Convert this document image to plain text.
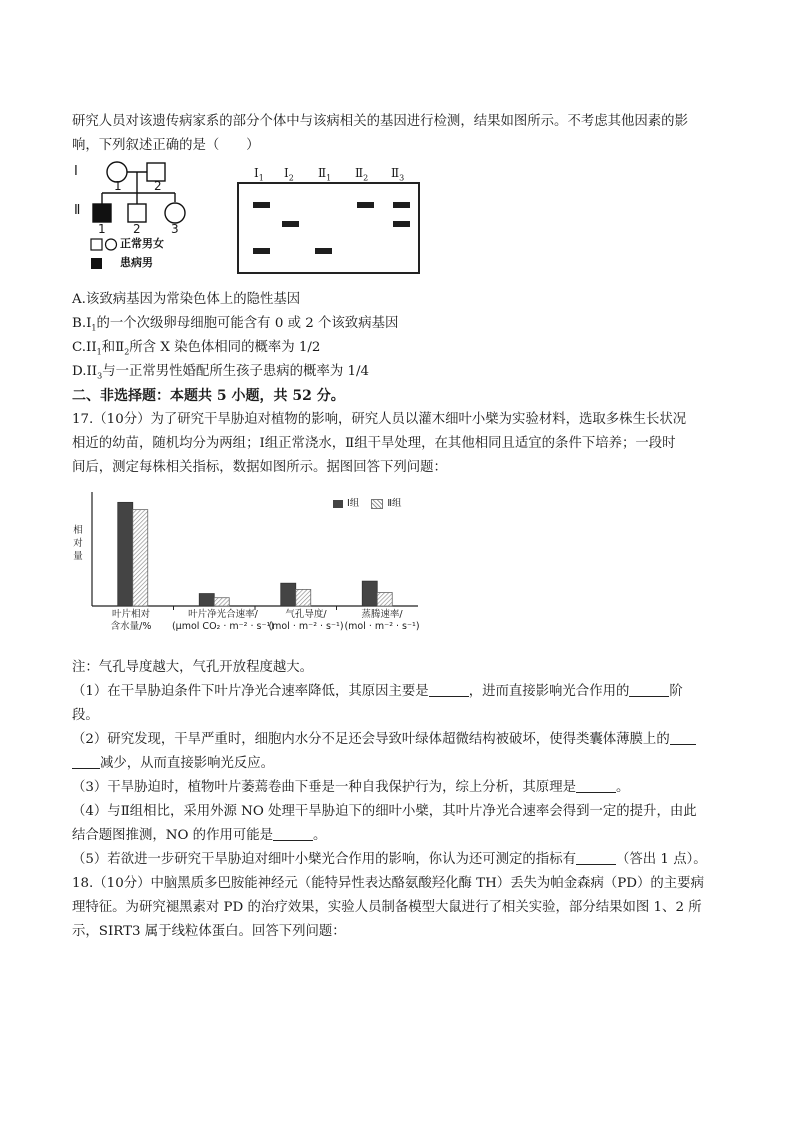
研究人员对该遗传病家系的部分个体中与该病相关的基因进行检测，结果如图所示。不考虑其他因素的影
响，下列叙述正确的是（　　）
Ⅰ
Ⅱ
1	2
1 2	3
正常男女
患病男
$Ⅰ_1$ $Ⅰ_2$ $Ⅱ_1$ $Ⅱ_2$ $Ⅱ_3$
A.该致病基因为常染色体上的隐性基因
$B.I_1$的一个次级卵母细胞可能含有 0 或 2 个该致病基因
$C.II_1$和$Ⅱ_2$所含 X 染色体相同的概率为 1/2
$D.II_3$与一正常男性婚配所生孩子患病的概率为 1/4
二、非选择题：本题共 5 小题，共 52 分。
17.（10分）为了研究干旱胁迫对植物的影响，研究人员以灌木细叶小檗为实验材料，选取多株生长状况
相近的幼苗，随机均分为两组；Ⅰ组正常浇水，Ⅱ组干旱处理，在其他相同且适宜的条件下培养；一段时
间后，测定每株相关指标，数据如图所示。据图回答下列问题：
相对量
叶片相对
含水量/%
叶片净光合速率/
(μmol CO₂ · m⁻² · s⁻¹)
气孔导度/
(mol · m⁻² · s⁻¹)
蒸腾速率/
(mol · m⁻² · s⁻¹)
Ⅰ组	Ⅱ组
注：气孔导度越大，气孔开放程度越大。
（1）在干旱胁迫条件下叶片净光合速率降低，其原因主要是	，进而直接影响光合作用的	阶
段。
（2）研究发现，干旱严重时，细胞内水分不足还会导致叶绿体超微结构被破坏，使得类囊体薄膜上的
减少，从而直接影响光反应。
（3）干旱胁迫时，植物叶片萎蔫卷曲下垂是一种自我保护行为，综上分析，其原理是	。
（4）与Ⅱ组相比，采用外源 NO 处理干旱胁迫下的细叶小檗，其叶片净光合速率会得到一定的提升，由此
结合题图推测，NO 的作用可能是	。
（5）若欲进一步研究干旱胁迫对细叶小檗光合作用的影响，你认为还可测定的指标有	（答出 1 点）。
18.（10分）中脑黑质多巴胺能神经元（能特异性表达酪氨酸羟化酶 TH）丢失为帕金森病（PD）的主要病
理特征。为研究褪黑素对 PD 的治疗效果，实验人员制备模型大鼠进行了相关实验，部分结果如图 1、2 所
示，SIRT3 属于线粒体蛋白。回答下列问题：
